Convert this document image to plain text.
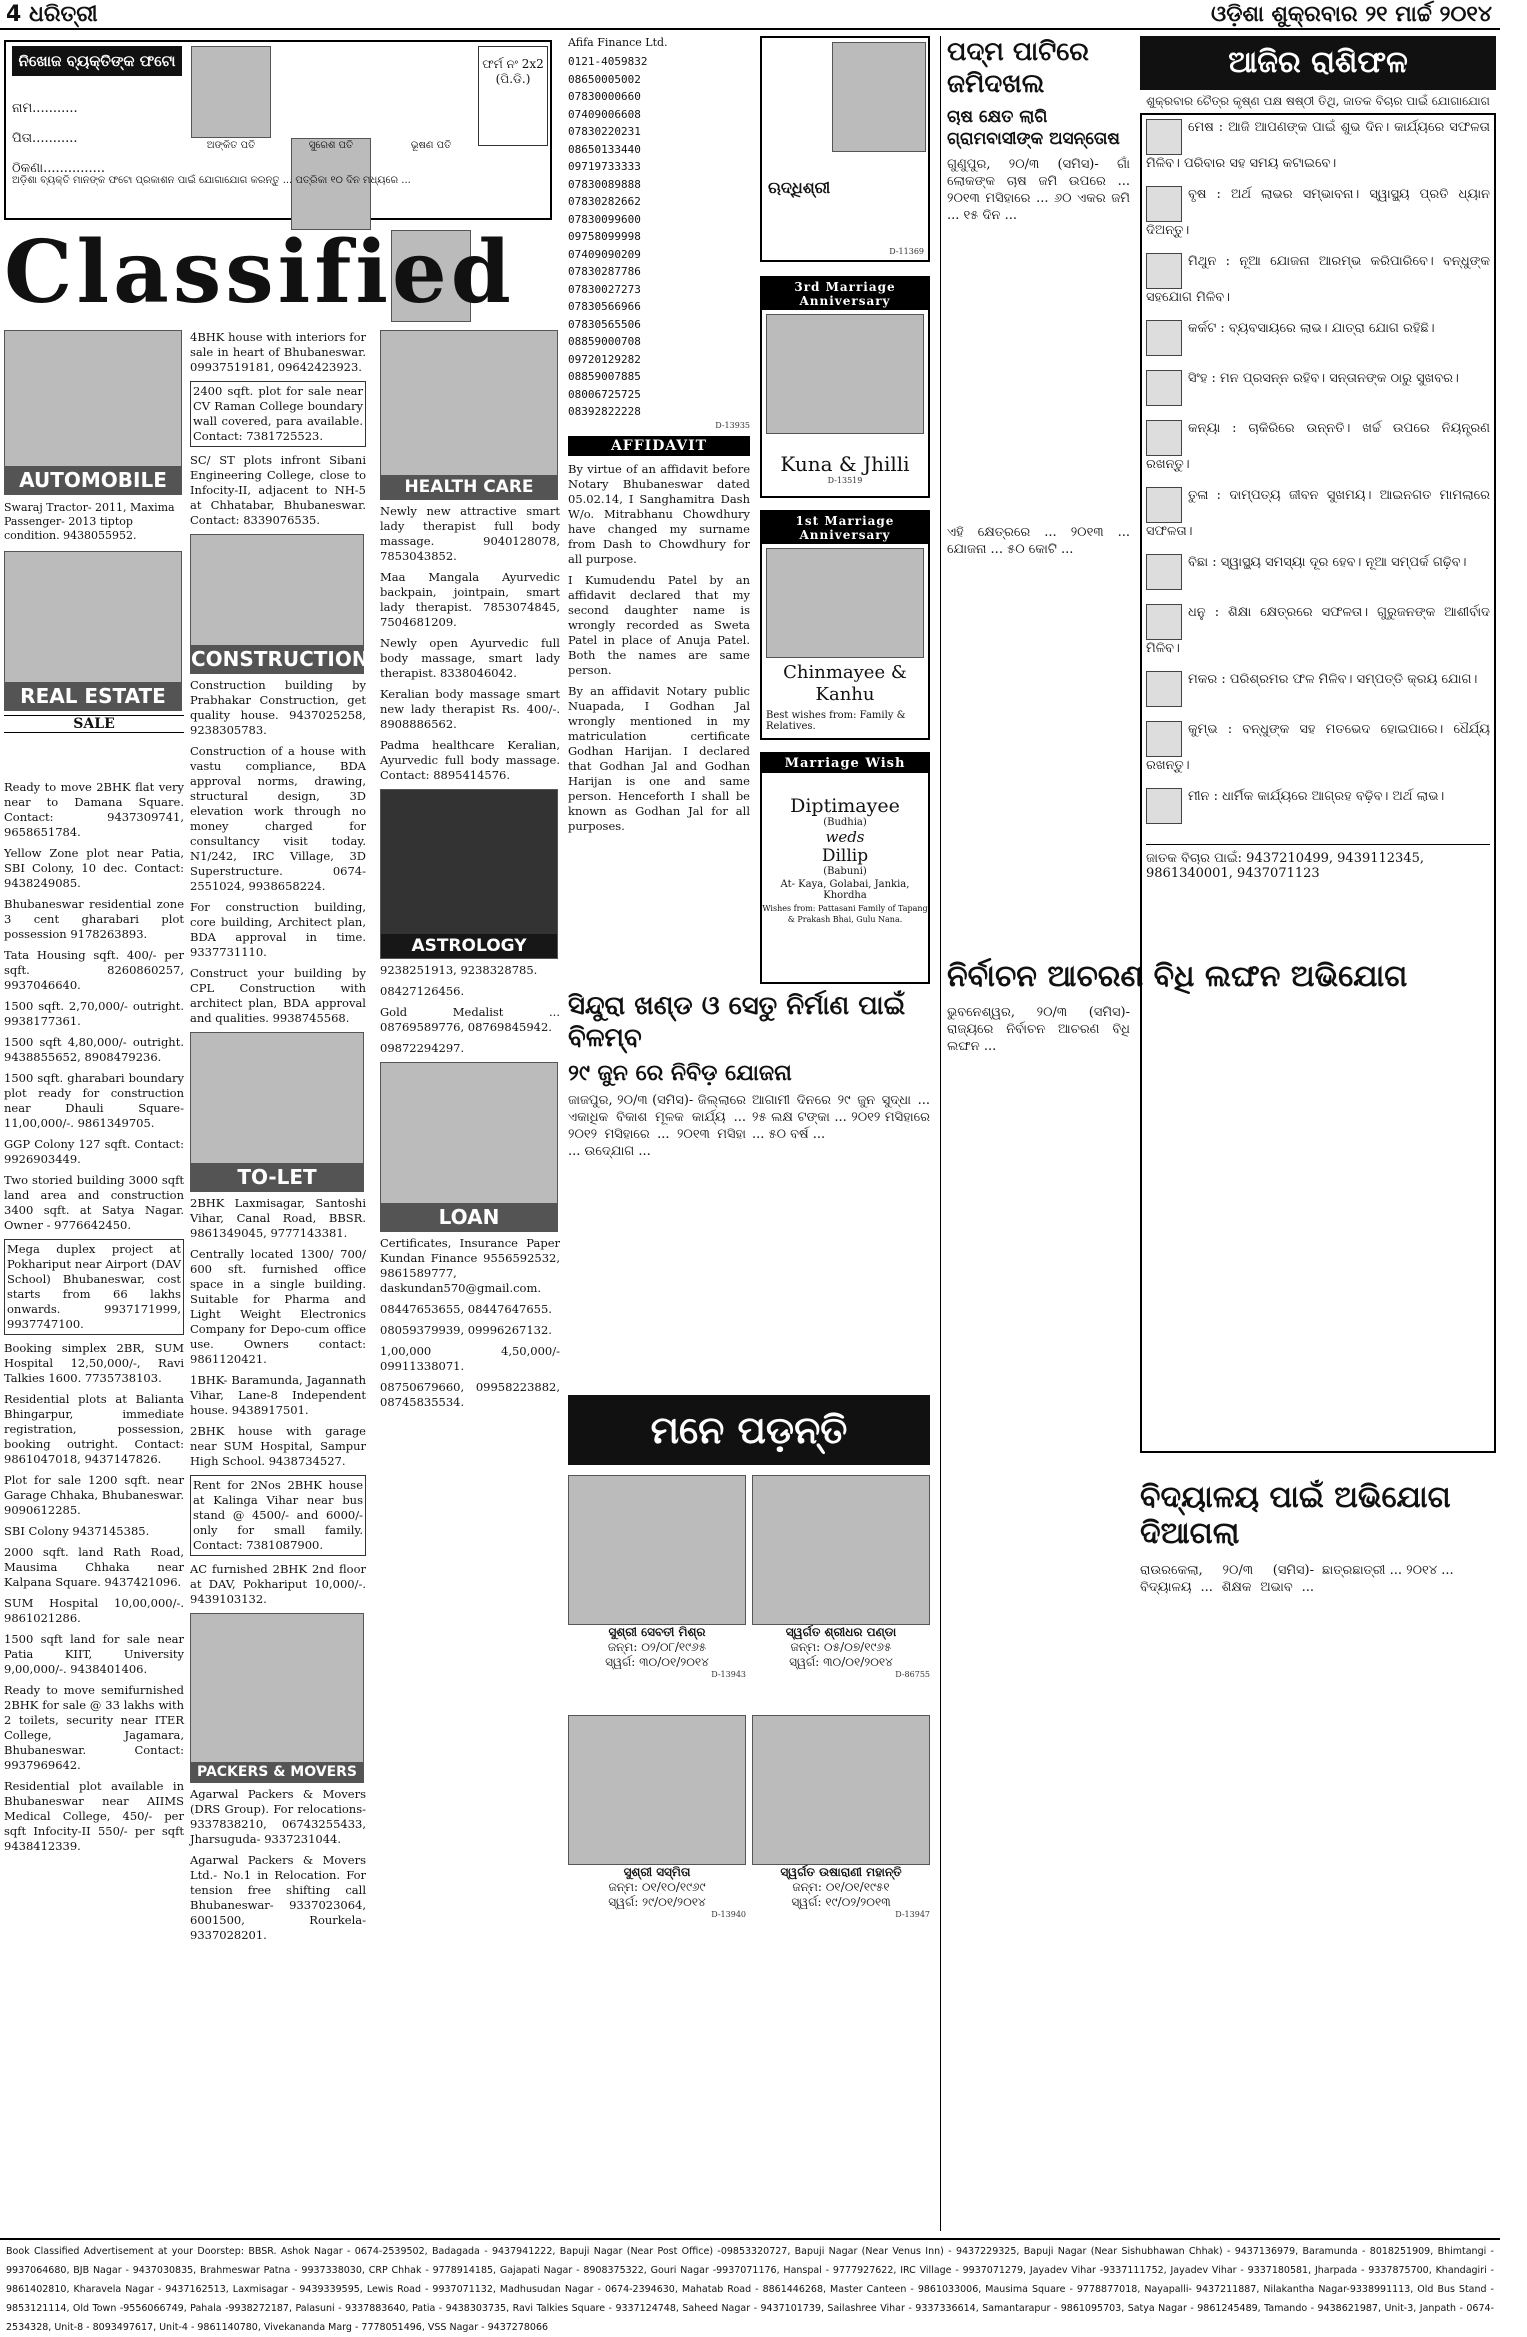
4 ଧରିତ୍ରୀ	ଓଡ଼ିଶା ଶୁକ୍ରବାର ୨୧ ମାର୍ଚ୍ଚ ୨୦୧୪
ନିଖୋଜ ବ୍ୟକ୍ତିଙ୍କ ଫଟୋ
ନାମ...........
ପିତା...........
ଠିକଣା...............
ଅଙ୍କିତ ପତି	ସୁରେଶ ପତି	ଭୂଷଣ ପତି
ଫର୍ମ ନଂ 2x2 (ପି.ଡି.)
ଅଡ଼ିଶା ବ୍ୟକ୍ତି ମାନଙ୍କ ଫଟୋ ପ୍ରକାଶନ ପାଇଁ ଯୋଗାଯୋଗ କରନ୍ତୁ ... ପତ୍ରିକା ୧୦ ଦିନ ମଧ୍ୟରେ ...
Classified
AUTOMOBILE

Swaraj Tractor- 2011, Maxima Passenger- 2013 tiptop condition. 9438055952.

REAL ESTATE
SALE

Ready to move 2BHK flat very near to Damana Square. Contact: 9437309741, 9658651784.

Yellow Zone plot near Patia, SBI Colony, 10 dec. Contact: 9438249085.

Bhubaneswar residential zone 3 cent gharabari plot possession 9178263893.

Tata Housing sqft. 400/- per sqft. 8260860257, 9937046640.

1500 sqft. 2,70,000/- outright. 9938177361.

1500 sqft 4,80,000/- outright. 9438855652, 8908479236.

1500 sqft. gharabari boundary plot ready for construction near Dhauli Square- 11,00,000/-. 9861349705.

GGP Colony 127 sqft. Contact: 9926903449.

Two storied building 3000 sqft land area and construction 3400 sqft. at Satya Nagar. Owner - 9776642450.

Mega duplex project at Pokhariput near Airport (DAV School) Bhubaneswar, cost starts from 66 lakhs onwards. 9937171999, 9937747100.

Booking simplex 2BR, SUM Hospital 12,50,000/-, Ravi Talkies 1600. 7735738103.

Residential plots at Balianta Bhingarpur, immediate registration, possession, booking outright. Contact: 9861047018, 9437147826.

Plot for sale 1200 sqft. near Garage Chhaka, Bhubaneswar. 9090612285.

SBI Colony 9437145385.

2000 sqft. land Rath Road, Mausima Chhaka near Kalpana Square. 9437421096.

SUM Hospital 10,00,000/-. 9861021286.

1500 sqft land for sale near Patia KIIT, University 9,00,000/-. 9438401406.

Ready to move semifurnished 2BHK for sale @ 33 lakhs with 2 toilets, security near ITER College, Jagamara, Bhubaneswar. Contact: 9937969642.

Residential plot available in Bhubaneswar near AIIMS Medical College, 450/- per sqft Infocity-II 550/- per sqft 9438412339.

4BHK house with interiors for sale in heart of Bhubaneswar. 09937519181, 09642423923.

2400 sqft. plot for sale near CV Raman College boundary wall covered, para available. Contact: 7381725523.

SC/ ST plots infront Sibani Engineering College, close to Infocity-II, adjacent to NH-5 at Chhatabar, Bhubaneswar. Contact: 8339076535.

CONSTRUCTION

Construction building by Prabhakar Construction, get quality house. 9437025258, 9238305783.

Construction of a house with vastu compliance, BDA approval norms, drawing, structural design, 3D elevation work through no money charged for consultancy visit today. N1/242, IRC Village, 3D Superstructure. 0674-2551024, 9938658224.

For construction building, core building, Architect plan, BDA approval in time. 9337731110.

Construct your building by CPL Construction with architect plan, BDA approval and qualities. 9938745568.

TO-LET

2BHK Laxmisagar, Santoshi Vihar, Canal Road, BBSR. 9861349045, 9777143381.

Centrally located 1300/ 700/ 600 sft. furnished office space in a single building. Suitable for Pharma and Light Weight Electronics Company for Depo-cum office use. Owners contact: 9861120421.

1BHK- Baramunda, Jagannath Vihar, Lane-8 Independent house. 9438917501.

2BHK house with garage near SUM Hospital, Sampur High School. 9438734527.

Rent for 2Nos 2BHK house at Kalinga Vihar near bus stand @ 4500/- and 6000/- only for small family. Contact: 7381087900.

AC furnished 2BHK 2nd floor at DAV, Pokhariput 10,000/-. 9439103132.

PACKERS & MOVERS

Agarwal Packers & Movers (DRS Group). For relocations- 9337838210, 06743255433, Jharsuguda- 9337231044.

Agarwal Packers & Movers Ltd.- No.1 in Relocation. For tension free shifting call Bhubaneswar- 9337023064, 6001500, Rourkela- 9337028201.

HEALTH CARE

Newly new attractive smart lady therapist full body massage. 9040128078, 7853043852.

Maa Mangala Ayurvedic backpain, jointpain, smart lady therapist. 7853074845, 7504681209.

Newly open Ayurvedic full body massage, smart lady therapist. 8338046042.

Keralian body massage smart new lady therapist Rs. 400/-. 8908886562.

Padma healthcare Keralian, Ayurvedic full body massage. Contact: 8895414576.

ASTROLOGY

9238251913, 9238328785.

08427126456.

Gold Medalist ... 08769589776, 08769845942.

09872294297.

LOAN

Certificates, Insurance Paper Kundan Finance 9556592532, 9861589777, daskundan570@gmail.com.

08447653655, 08447647655.

08059379939, 09996267132.

1,00,000 4,50,000/- 09911338071.

08750679660, 09958223882, 08745835534.

Afifa Finance Ltd.
0121-4059832
08650005002
07830000660
07409006608
07830220231
08650133440
09719733333
07830089888
07830282662
07830099600
09758099998
07409090209
07830287786
07830027273
07830566966
07830565506
08859000708
09720129282
08859007885
08006725725
08392822228
D-13935
AFFIDAVIT

By virtue of an affidavit before Notary Bhubaneswar dated 05.02.14, I Sanghamitra Dash W/o. Mitrabhanu Chowdhury have changed my surname from Dash to Chowdhury for all purpose.

I Kumudendu Patel by an affidavit declared that my second daughter name is wrongly recorded as Sweta Patel in place of Anuja Patel. Both the names are same person.

By an affidavit Notary public Nuapada, I Godhan Jal wrongly mentioned in my matriculation certificate Godhan Harijan. I declared that Godhan Jal and Godhan Harijan is one and same person. Henceforth I shall be known as Godhan Jal for all purposes.

ଋଦ୍ଧିଶ୍ରୀ
D-11369
3rd Marriage Anniversary
Kuna & Jhilli
D-13519
1st Marriage Anniversary
Chinmayee & Kanhu
Best wishes from: Family & Relatives.
Marriage Wish
Diptimayee
(Budhia)
weds
Dillip
(Babuni)
At- Kaya, Golabai, Jankia, Khordha
Wishes from: Pattasani Family of Tapang & Prakash Bhai, Gulu Nana.
ସିନ୍ଦୁରା ଖଣ୍ଡ ଓ ସେତୁ ନିର୍ମାଣ ପାଇଁ ବିଳମ୍ବ
୨୯ ଜୁନ ରେ ନିବିଡ଼ ଯୋଜନା
ଜାଜପୁର, ୨୦/୩ (ସମିସ)- ଜିଲ୍ଲାରେ ଏକାଧିକ ବିକାଶ ମୂଳକ କାର୍ଯ୍ୟ ... ୨୦୧୨ ମସିହାରେ ... ୨୦୧୩ ମସିହା ... ଉଦ୍ଯୋଗ ...
ଆଗାମୀ ଦିନରେ ୨୯ ଜୁନ ସୁଦ୍ଧା ... ୨୫ ଲକ୍ଷ ଟଙ୍କା ... ୨୦୧୨ ମସିହାରେ ... ୫୦ ବର୍ଷ ...
ମନେ ପଡ଼ନ୍ତି
ସୁଶ୍ରୀ ସେବତୀ ମିଶ୍ର
ଜନ୍ମ: ୦୨/୦୮/୧୯୬୫
ସ୍ୱର୍ଗ: ୩୦/୦୧/୨୦୧୪
D-13943
ସ୍ୱର୍ଗତ ଶ୍ରୀଧର ପଣ୍ଡା
ଜନ୍ମ: ୦୫/୦୭/୧୯୬୫
ସ୍ୱର୍ଗ: ୩୦/୦୧/୨୦୧୪
D-86755
ସୁଶ୍ରୀ ସସ୍ମିତା
ଜନ୍ମ: ୦୧/୧୦/୧୯୬୯
ସ୍ୱର୍ଗ: ୨୯/୦୧/୨୦୧୪
D-13940
ସ୍ୱର୍ଗତ ଉଷାରାଣୀ ମହାନ୍ତି
ଜନ୍ମ: ୦୧/୦୧/୧୯୫୧
ସ୍ୱର୍ଗ: ୧୯/୦୨/୨୦୧୩
D-13947
ପଦ୍ମ ପାଟିରେ ଜମିଦଖଲ
ଚାଷ କ୍ଷେତ ଲାଗି ଗ୍ରାମବାସୀଙ୍କ ଅସନ୍ତୋଷ
ଗୁଣୁପୁର, ୨୦/୩ (ସମିସ)- ଗାଁ ଲୋକଙ୍କ ଚାଷ ଜମି ଉପରେ ... ୨୦୧୩ ମସିହାରେ ... ୬୦ ଏକର ଜମି ... ୧୫ ଦିନ ...
ଏହି କ୍ଷେତ୍ରରେ ... ୨୦୧୩ ... ଯୋଜନା ... ୫୦ କୋଟି ...
ନିର୍ବାଚନ ଆଚରଣ ବିଧି ଲଙ୍ଘନ ଅଭିଯୋଗ
ଭୁବନେଶ୍ୱର, ୨୦/୩ (ସମିସ)- ରାଜ୍ୟରେ ନିର୍ବାଚନ ଆଚରଣ ବିଧି ଲଙ୍ଘନ ...
ଆଜିର ରାଶିଫଳ
ଶୁକ୍ରବାର ଚୈତ୍ର କୃଷ୍ଣ ପକ୍ଷ ଷଷ୍ଠୀ ତିଥି, ଜାତକ ବିଚାର ପାଇଁ ଯୋଗାଯୋଗ
ମେଷ : ଆଜି ଆପଣଙ୍କ ପାଇଁ ଶୁଭ ଦିନ। କାର୍ଯ୍ୟରେ ସଫଳତା ମିଳିବ। ପରିବାର ସହ ସମୟ କଟାଇବେ।
ବୃଷ : ଅର୍ଥ ଲାଭର ସମ୍ଭାବନା। ସ୍ୱାସ୍ଥ୍ୟ ପ୍ରତି ଧ୍ୟାନ ଦିଅନ୍ତୁ।
ମିଥୁନ : ନୂଆ ଯୋଜନା ଆରମ୍ଭ କରିପାରିବେ। ବନ୍ଧୁଙ୍କ ସହଯୋଗ ମିଳିବ।
କର୍କଟ : ବ୍ୟବସାୟରେ ଲାଭ। ଯାତ୍ରା ଯୋଗ ରହିଛି।
ସିଂହ : ମନ ପ୍ରସନ୍ନ ରହିବ। ସନ୍ତାନଙ୍କ ଠାରୁ ସୁଖବର।
କନ୍ୟା : ଚାକିରିରେ ଉନ୍ନତି। ଖର୍ଚ୍ଚ ଉପରେ ନିୟନ୍ତ୍ରଣ ରଖନ୍ତୁ।
ତୁଳା : ଦାମ୍ପତ୍ୟ ଜୀବନ ସୁଖମୟ। ଆଇନଗତ ମାମଲାରେ ସଫଳତା।
ବିଛା : ସ୍ୱାସ୍ଥ୍ୟ ସମସ୍ୟା ଦୂର ହେବ। ନୂଆ ସମ୍ପର୍କ ଗଢ଼ିବ।
ଧନୁ : ଶିକ୍ଷା କ୍ଷେତ୍ରରେ ସଫଳତା। ଗୁରୁଜନଙ୍କ ଆଶୀର୍ବାଦ ମିଳିବ।
ମକର : ପରିଶ୍ରମର ଫଳ ମିଳିବ। ସମ୍ପତ୍ତି କ୍ରୟ ଯୋଗ।
କୁମ୍ଭ : ବନ୍ଧୁଙ୍କ ସହ ମତଭେଦ ହୋଇପାରେ। ଧୈର୍ଯ୍ୟ ରଖନ୍ତୁ।
ମୀନ : ଧାର୍ମିକ କାର୍ଯ୍ୟରେ ଆଗ୍ରହ ବଢ଼ିବ। ଅର୍ଥ ଲାଭ।
ଜାତକ ବିଚାର ପାଇଁ: 9437210499, 9439112345, 9861340001, 9437071123
ବିଦ୍ୟାଳୟ ପାଇଁ ଅଭିଯୋଗ ଦିଆଗଲା
ରାଉରକେଲା, ୨୦/୩ (ସମିସ)- ବିଦ୍ୟାଳୟ ... ଶିକ୍ଷକ ଅଭାବ ... ଛାତ୍ରଛାତ୍ରୀ ... ୨୦୧୪ ...
Book Classified Advertisement at your Doorstep: BBSR. Ashok Nagar - 0674-2539502, Badagada - 9437941222, Bapuji Nagar (Near Post Office) -09853320727, Bapuji Nagar (Near Venus Inn) - 9437229325, Bapuji Nagar (Near Sishubhawan Chhak) - 9437136979, Baramunda - 8018251909, Bhimtangi - 9937064680, BJB Nagar - 9437030835, Brahmeswar Patna - 9937338030, CRP Chhak - 9778914185, Gajapati Nagar - 8908375322, Gouri Nagar -9937071176, Hanspal - 9777927622, IRC Village - 9937071279, Jayadev Vihar -9337111752, Jayadev Vihar - 9337180581, Jharpada - 9337875700, Khandagiri - 9861402810, Kharavela Nagar - 9437162513, Laxmisagar - 9439339595, Lewis Road - 9937071132, Madhusudan Nagar - 0674-2394630, Mahatab Road - 8861446268, Master Canteen - 9861033006, Mausima Square - 9778877018, Nayapalli- 9437211887, Nilakantha Nagar-9338991113, Old Bus Stand - 9853121114, Old Town -9556066749, Pahala -9938272187, Palasuni - 9337883640, Patia - 9438303735, Ravi Talkies Square - 9337124748, Saheed Nagar - 9437101739, Sailashree Vihar - 9337336614, Samantarapur - 9861095703, Satya Nagar - 9861245489, Tamando - 9438621987, Unit-3, Janpath - 0674-2534328, Unit-8 - 8093497617, Unit-4 - 9861140780, Vivekananda Marg - 7778051496, VSS Nagar - 9437278066
